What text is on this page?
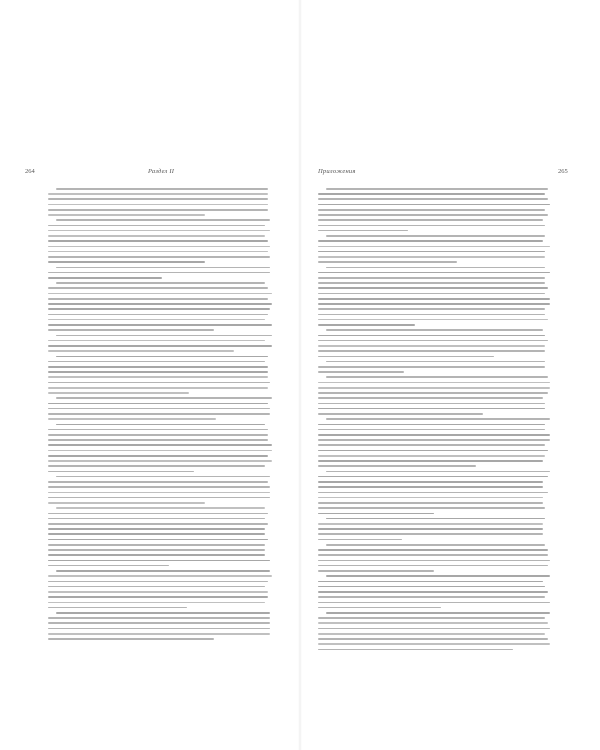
264	Раздел II	Приложения	265
